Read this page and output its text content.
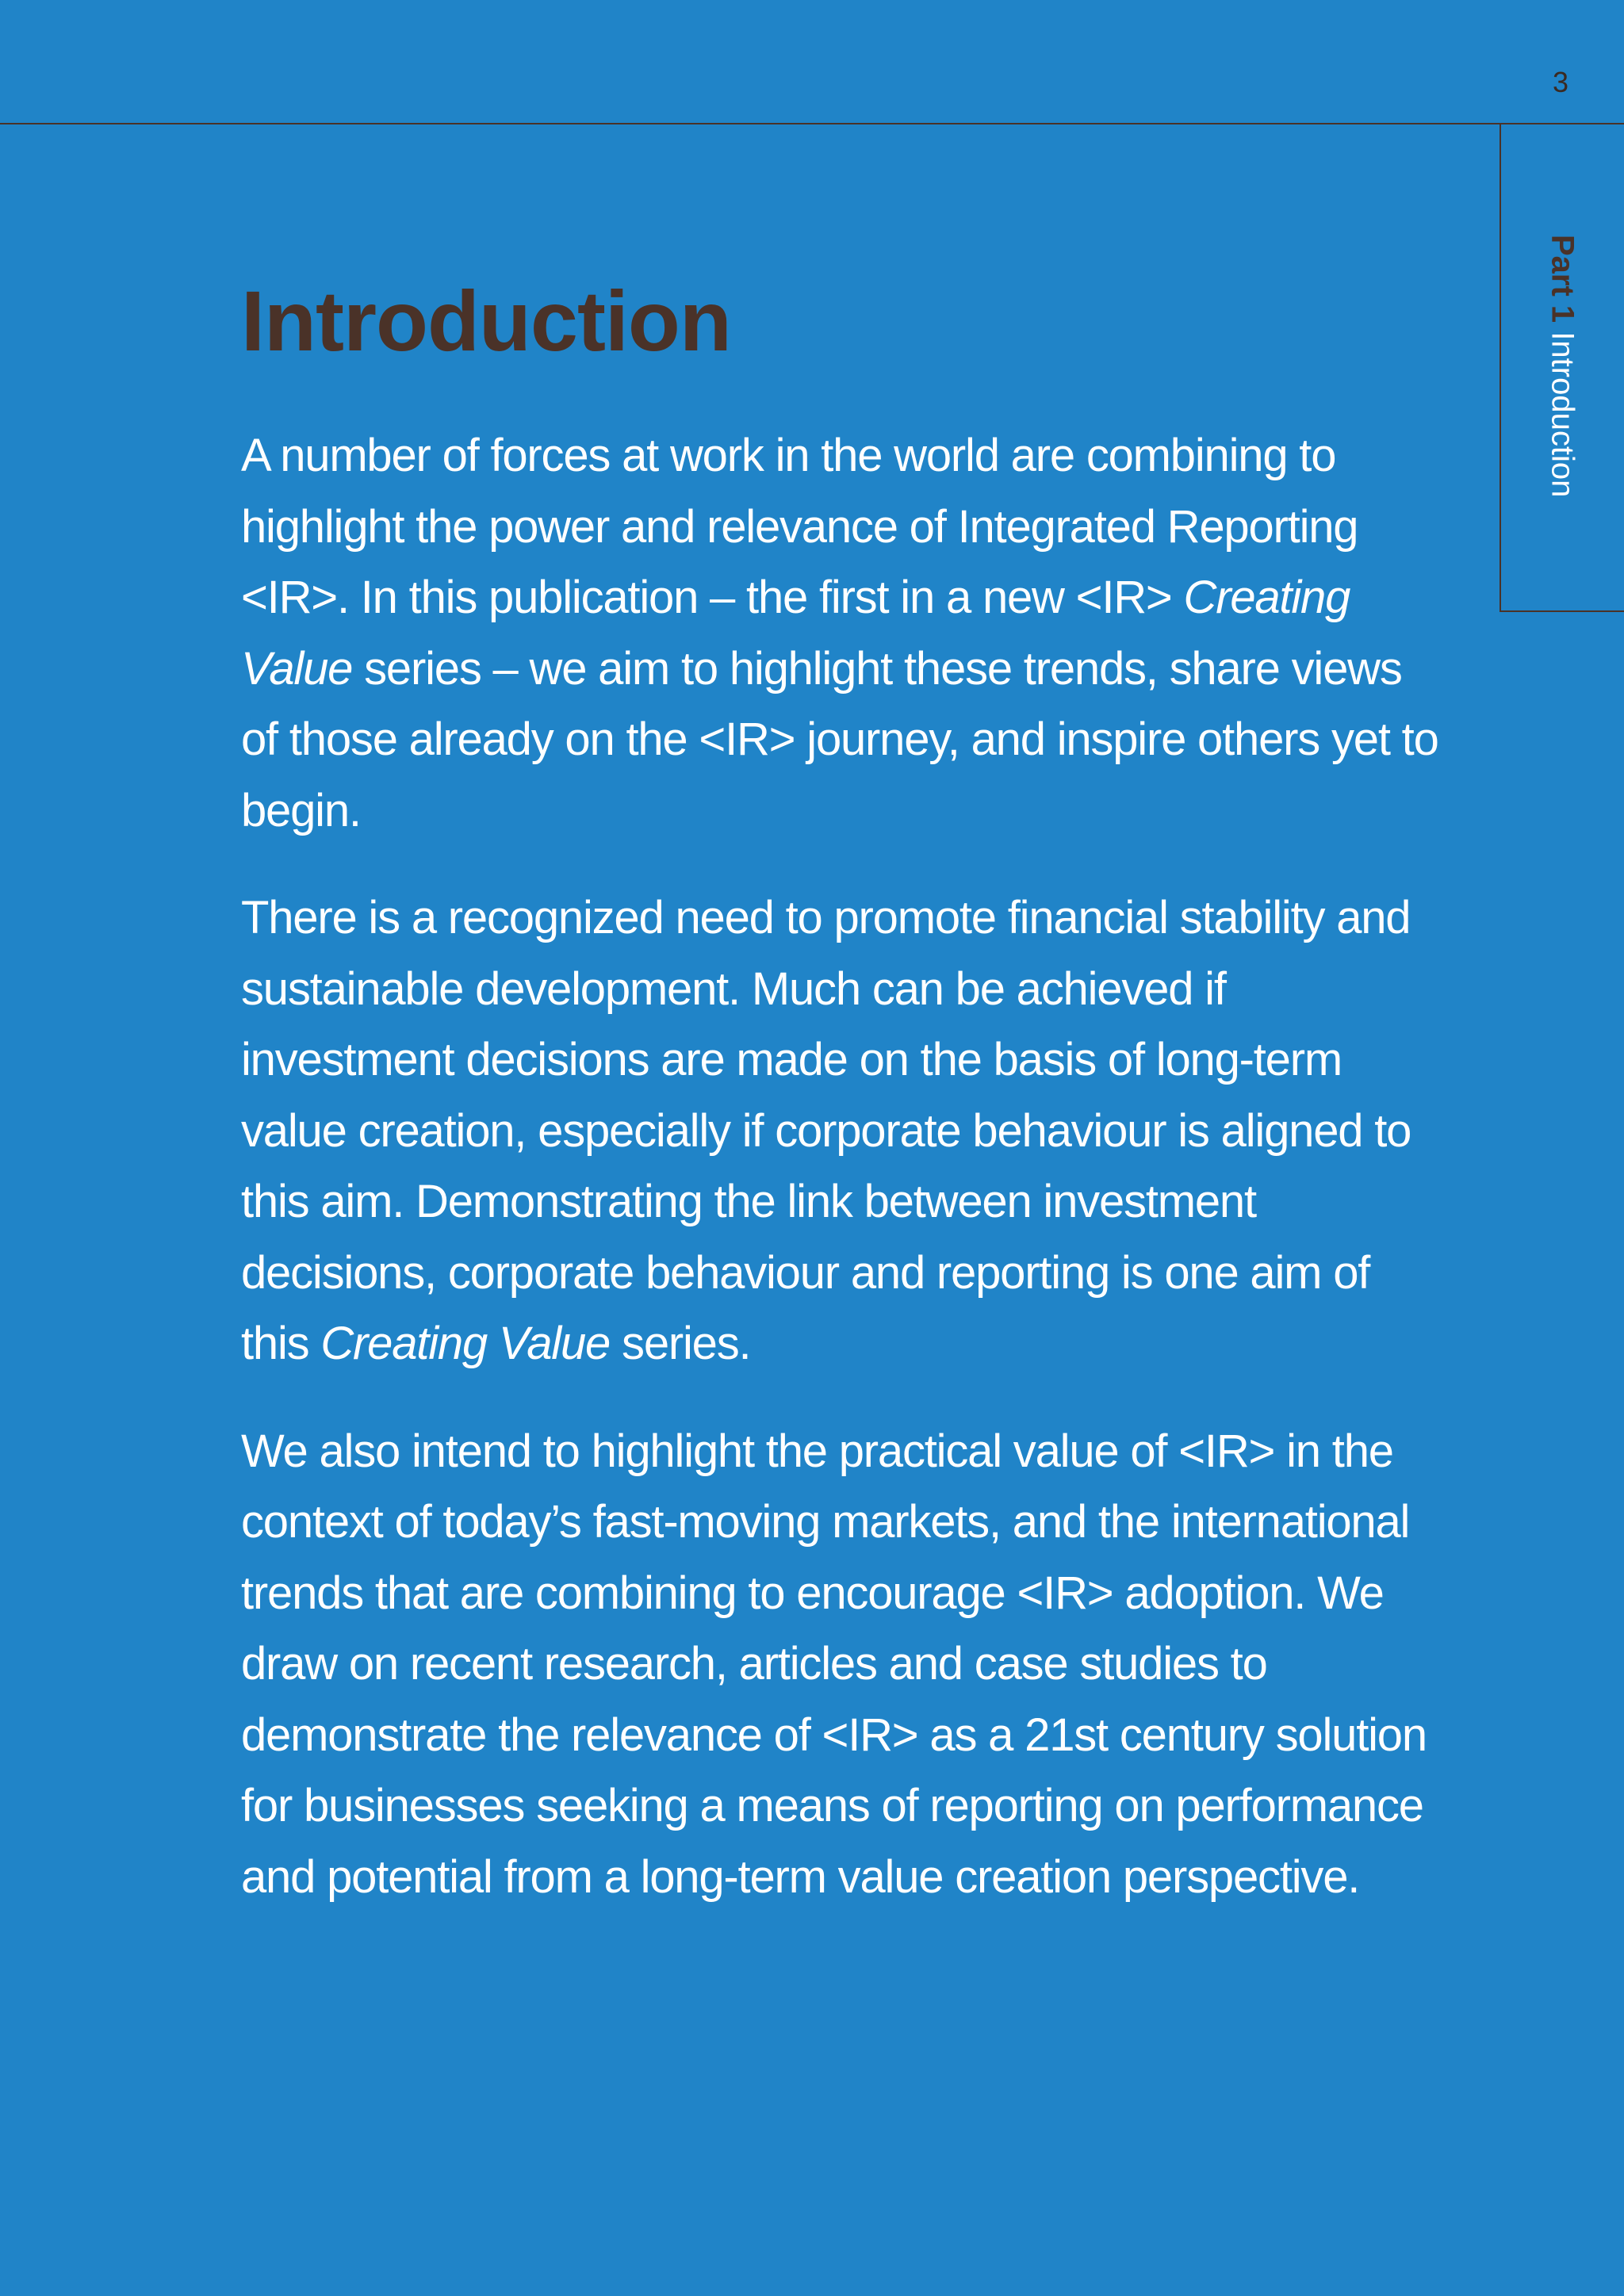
3
Part 1 Introduction
Introduction

A number of forces at work in the world are combining to highlight the power and relevance of Integrated Reporting <IR>. In this publication – the first in a new <IR> Creating Value series – we aim to highlight these trends, share views of those already on the <IR> journey, and inspire others yet to begin.

There is a recognized need to promote financial stability and sustainable development. Much can be achieved if investment decisions are made on the basis of long-term value creation, especially if corporate behaviour is aligned to this aim. Demonstrating the link between investment decisions, corporate behaviour and reporting is one aim of this Creating Value series.

We also intend to highlight the practical value of <IR> in the context of today’s fast-moving markets, and the international trends that are combining to encourage <IR> adoption. We draw on recent research, articles and case studies to demonstrate the relevance of <IR> as a 21st century solution for businesses seeking a means of reporting on performance and potential from a long-term value creation perspective.
